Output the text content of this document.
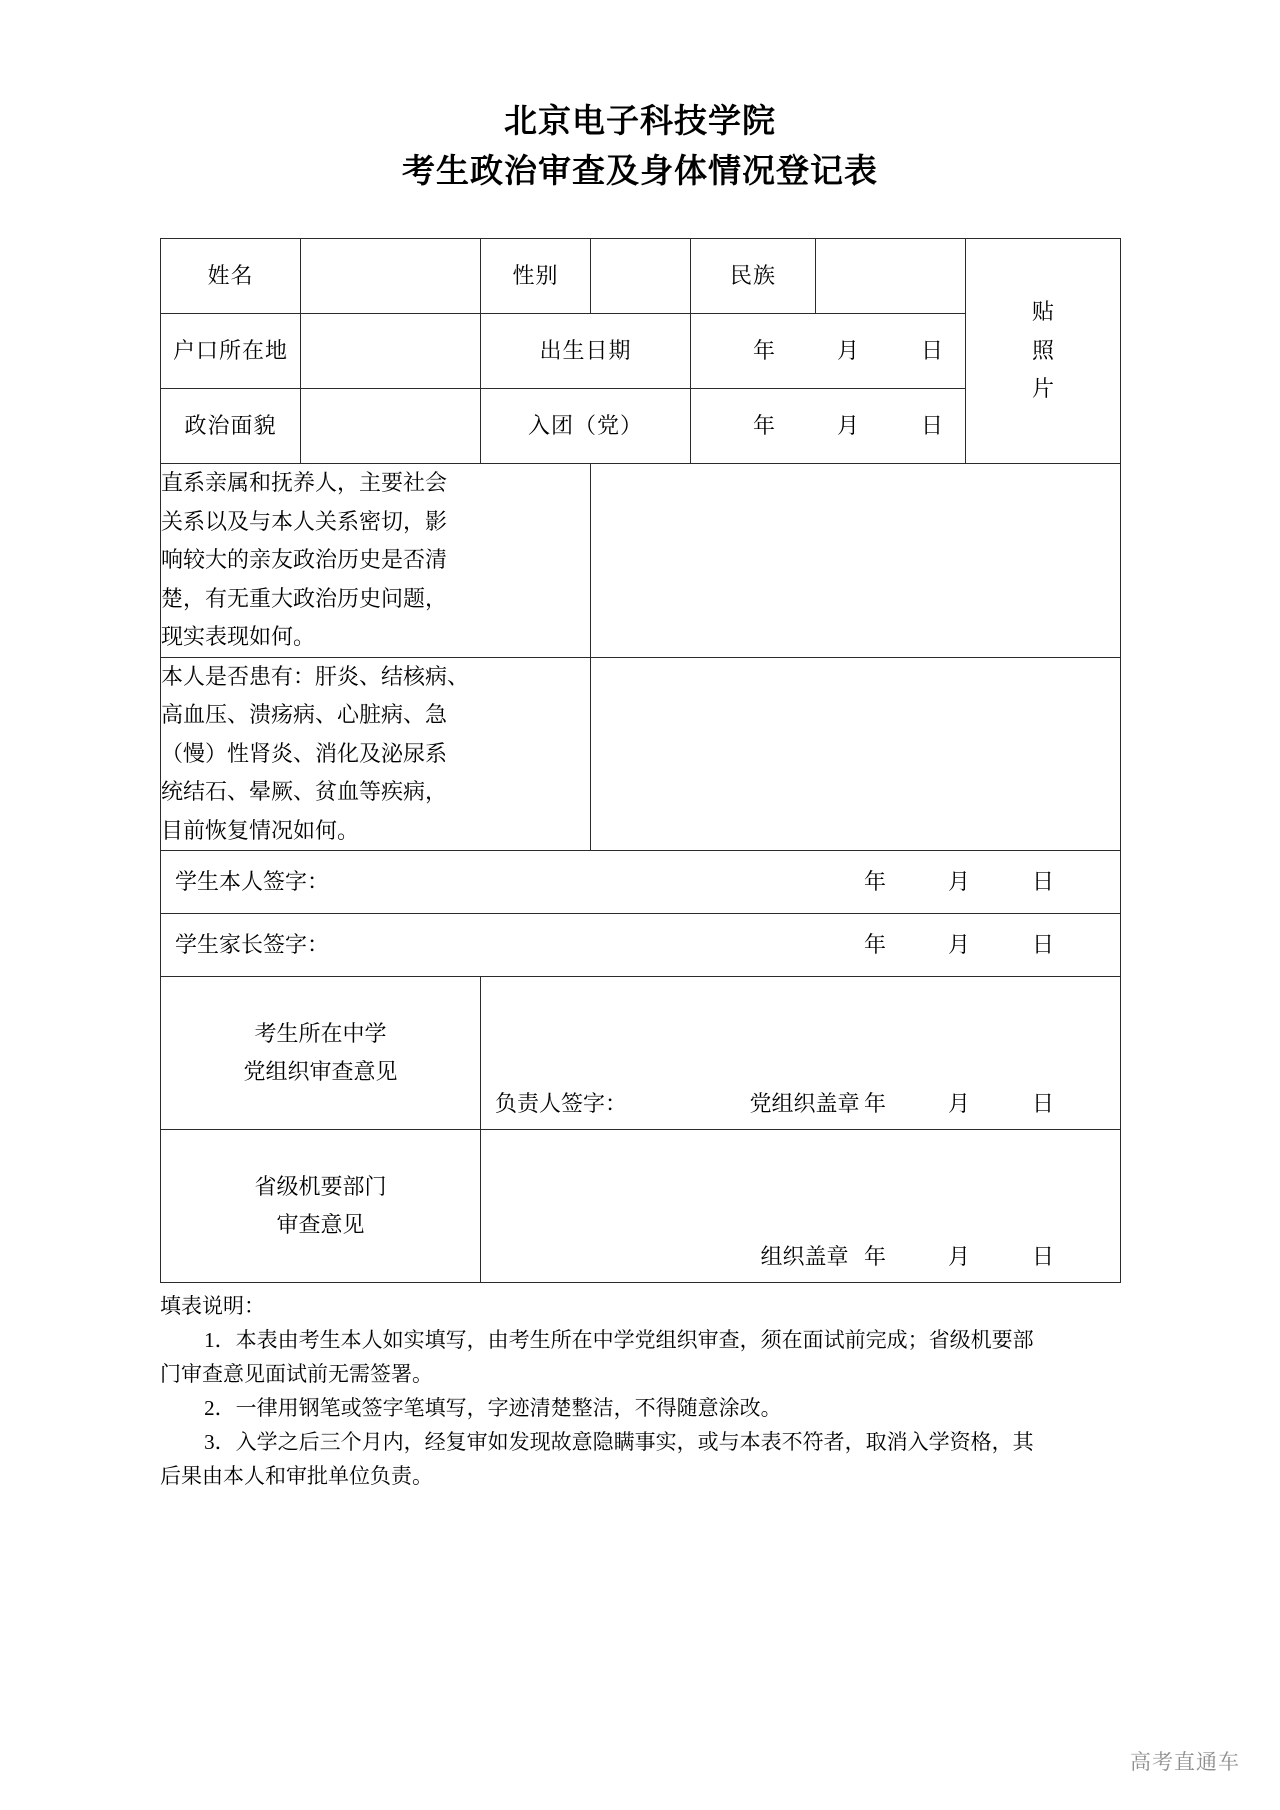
北京电子科技学院
考生政治审查及身体情况登记表
姓名		性别		民族		贴
照
片

户口所在地		出生日期		年 月 日		

政治面貌		入团（党）		年 月 日		

直系亲属和抚养人，主要社会
关系以及与本人关系密切，影
响较大的亲友政治历史是否清
楚，有无重大政治历史问题，
现实表现如何。						

本人是否患有：肝炎、结核病、
高血压、溃疡病、心脏病、急
（慢）性肾炎、消化及泌尿系
统结石、晕厥、贫血等疾病，
目前恢复情况如何。						

学生本人签字： 年 月 日						

学生家长签字： 年 月 日						

考生所在中学
党组织审查意见

负责人签字：	党组织盖章 年	月	日

省级机要部门
审查意见

组织盖章 年	月	日

填表说明：

1．本表由考生本人如实填写，由考生所在中学党组织审查，须在面试前完成；省级机要部

门审查意见面试前无需签署。

2．一律用钢笔或签字笔填写，字迹清楚整洁，不得随意涂改。

3．入学之后三个月内，经复审如发现故意隐瞒事实，或与本表不符者，取消入学资格，其

后果由本人和审批单位负责。

高考直通车
